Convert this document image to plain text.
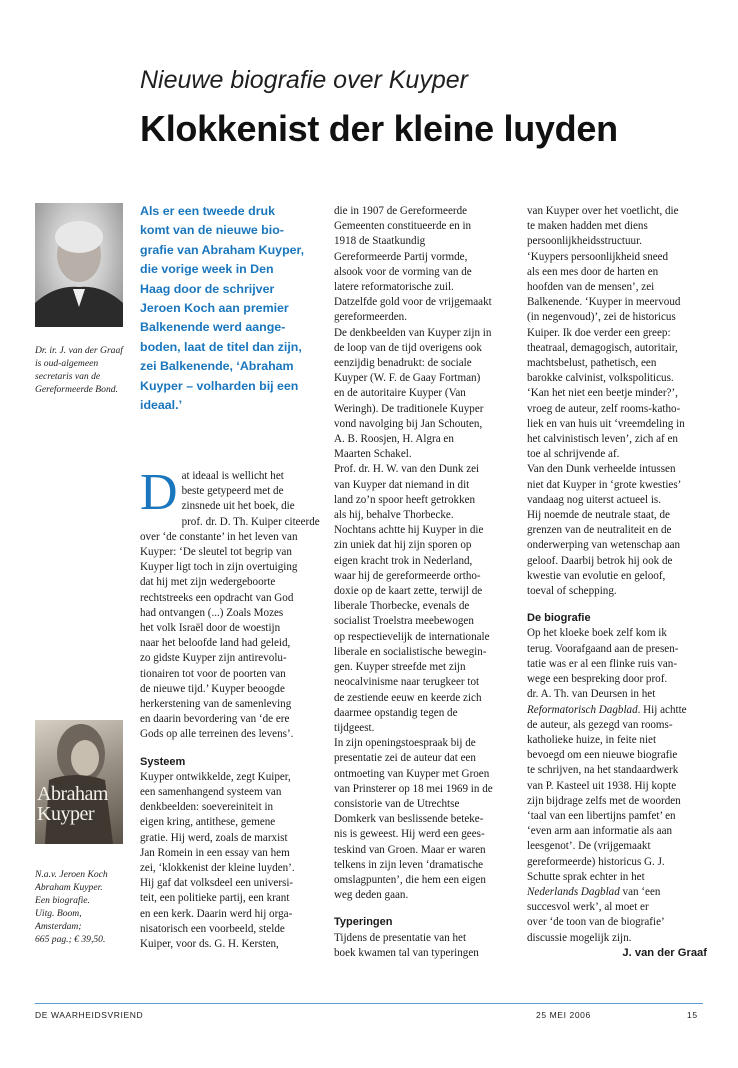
Nieuwe biografie over Kuyper
Klokkenist der kleine luyden
Dr. ir. J. van der Graaf
is oud-algemeen
secretaris van de
Gereformeerde Bond.
Abraham
Kuyper
N.a.v. Jeroen Koch
Abraham Kuyper.
Een biografie.
Uitg. Boom,
Amsterdam;
665 pag.; € 39,50.
Als er een tweede druk
komt van de nieuwe bio-
grafie van Abraham Kuyper,
die vorige week in Den
Haag door de schrijver
Jeroen Koch aan premier
Balkenende werd aange-
boden, laat de titel dan zijn,
zei Balkenende, ‘Abraham
Kuyper – volharden bij een
ideaal.’
D at ideaal is wellicht het
beste getypeerd met de
zinsnede uit het boek, die
prof. dr. D. Th. Kuiper citeerde
over ‘de constante’ in het leven van
Kuyper: ‘De sleutel tot begrip van
Kuyper ligt toch in zijn overtuiging
dat hij met zijn wedergeboorte
rechtstreeks een opdracht van God
had ontvangen (...) Zoals Mozes
het volk Israël door de woestijn
naar het beloofde land had geleid,
zo gidste Kuyper zijn antirevolu-
tionairen tot voor de poorten van
de nieuwe tijd.’ Kuyper beoogde
herkerstening van de samenleving
en daarin bevordering van ‘de ere
Gods op alle terreinen des levens’.
Systeem
Kuyper ontwikkelde, zegt Kuiper,
een samenhangend systeem van
denkbeelden: soevereiniteit in
eigen kring, antithese, gemene
gratie. Hij werd, zoals de marxist
Jan Romein in een essay van hem
zei, ‘klokkenist der kleine luyden’.
Hij gaf dat volksdeel een universi-
teit, een politieke partij, een krant
en een kerk. Daarin werd hij orga-
nisatorisch een voorbeeld, stelde
Kuiper, voor ds. G. H. Kersten,
die in 1907 de Gereformeerde
Gemeenten constitueerde en in
1918 de Staatkundig
Gereformeerde Partij vormde,
alsook voor de vorming van de
latere reformatorische zuil.
Datzelfde gold voor de vrijgemaakt
gereformeerden.
De denkbeelden van Kuyper zijn in
de loop van de tijd overigens ook
eenzijdig benadrukt: de sociale
Kuyper (W. F. de Gaay Fortman)
en de autoritaire Kuyper (Van
Weringh). De traditionele Kuyper
vond navolging bij Jan Schouten,
A. B. Roosjen, H. Algra en
Maarten Schakel.
Prof. dr. H. W. van den Dunk zei
van Kuyper dat niemand in dit
land zo’n spoor heeft getrokken
als hij, behalve Thorbecke.
Nochtans achtte hij Kuyper in die
zin uniek dat hij zijn sporen op
eigen kracht trok in Nederland,
waar hij de gereformeerde ortho-
doxie op de kaart zette, terwijl de
liberale Thorbecke, evenals de
socialist Troelstra meebewogen
op respectievelijk de internationale
liberale en socialistische bewegin-
gen. Kuyper streefde met zijn
neocalvinisme naar terugkeer tot
de zestiende eeuw en keerde zich
daarmee opstandig tegen de
tijdgeest.
In zijn openingstoespraak bij de
presentatie zei de auteur dat een
ontmoeting van Kuyper met Groen
van Prinsterer op 18 mei 1969 in de
consistorie van de Utrechtse
Domkerk van beslissende beteke-
nis is geweest. Hij werd een gees-
teskind van Groen. Maar er waren
telkens in zijn leven ‘dramatische
omslagpunten’, die hem een eigen
weg deden gaan.
Typeringen
Tijdens de presentatie van het
boek kwamen tal van typeringen
van Kuyper over het voetlicht, die
te maken hadden met diens
persoonlijkheidsstructuur.
‘Kuypers persoonlijkheid sneed
als een mes door de harten en
hoofden van de mensen’, zei
Balkenende. ‘Kuyper in meervoud
(in negenvoud)’, zei de historicus
Kuiper. Ik doe verder een greep:
theatraal, demagogisch, autoritair,
machtsbelust, pathetisch, een
barokke calvinist, volkspoliticus.
‘Kan het niet een beetje minder?’,
vroeg de auteur, zelf rooms-katho-
liek en van huis uit ‘vreemdeling in
het calvinistisch leven’, zich af en
toe al schrijvende af.
Van den Dunk verheelde intussen
niet dat Kuyper in ‘grote kwesties’
vandaag nog uiterst actueel is.
Hij noemde de neutrale staat, de
grenzen van de neutraliteit en de
onderwerping van wetenschap aan
geloof. Daarbij betrok hij ook de
kwestie van evolutie en geloof,
toeval of schepping.
De biografie
Op het kloeke boek zelf kom ik
terug. Voorafgaand aan de presen-
tatie was er al een flinke ruis van-
wege een bespreking door prof.
dr. A. Th. van Deursen in het
Reformatorisch Dagblad. Hij achtte
de auteur, als gezegd van rooms-
katholieke huize, in feite niet
bevoegd om een nieuwe biografie
te schrijven, na het standaardwerk
van P. Kasteel uit 1938. Hij kopte
zijn bijdrage zelfs met de woorden
‘taal van een libertijns pamfet’ en
‘even arm aan informatie als aan
leesgenot’. De (vrijgemaakt
gereformeerde) historicus G. J.
Schutte sprak echter in het
Nederlands Dagblad van ‘een
succesvol werk’, al moet er
over ‘de toon van de biografie’
discussie mogelijk zijn.
J. van der Graaf
DE WAARHEIDSVRIEND	25 MEI 2006	15
